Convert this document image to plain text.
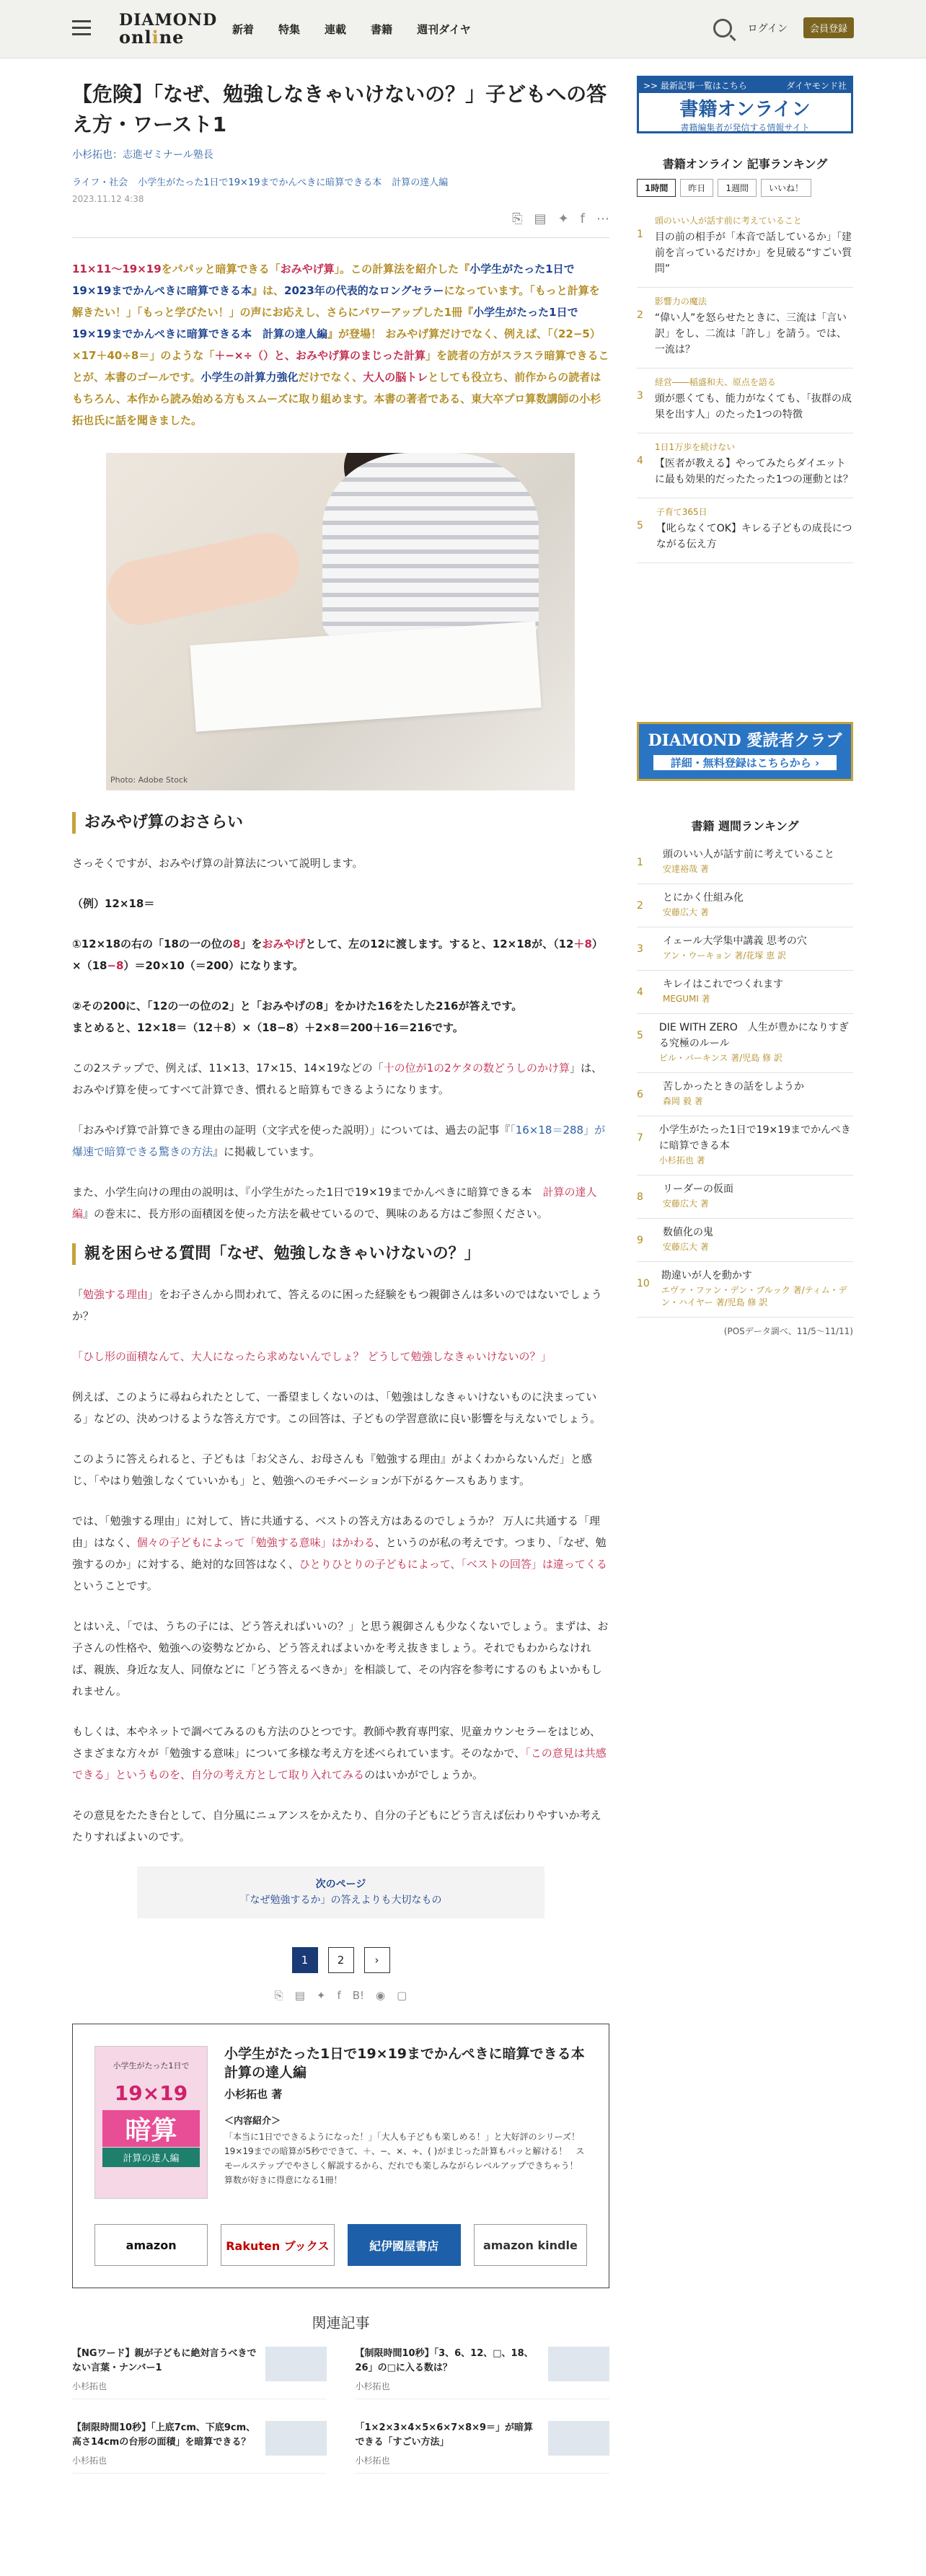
DIAMOND
online	新着 特集 連載 書籍 週刊ダイヤ	ログイン	会員登録
【危険】「なぜ、勉強しなきゃいけないの？」子どもへの答え方・ワースト1
小杉拓也：志進ゼミナール塾長
ライフ・社会 小学生がたった1日で19×19までかんぺきに暗算できる本 計算の達人編
2023.11.12 4:38
⎘ ▤ ✦ f ⋯

11×11〜19×19をパパッと暗算できる「おみやげ算」。この計算法を紹介した『小学生がたった1日で19×19までかんぺきに暗算できる本』は、2023年の代表的なロングセラーになっています。「もっと計算を解きたい！」「もっと学びたい！」の声にお応えし、さらにパワーアップした1冊『小学生がたった1日で19×19までかんぺきに暗算できる本　計算の達人編』が登場！ おみやげ算だけでなく、例えば、「（22−5）×17＋40÷8＝」のような「＋−×÷（）と、おみやげ算のまじった計算」を読者の方がスラスラ暗算できることが、本書のゴールです。小学生の計算力強化だけでなく、大人の脳トレとしても役立ち、前作からの読者はもちろん、本作から読み始める方もスムーズに取り組めます。本書の著者である、東大卒プロ算数講師の小杉拓也氏に話を聞きました。

Photo: Adobe Stock
おみやげ算のおさらい

さっそくですが、おみやげ算の計算法について説明します。

（例）12×18＝

①12×18の右の「18の一の位の8」をおみやげとして、左の12に渡します。すると、12×18が、（12＋8）×（18−8）＝20×10（＝200）になります。

②その200に、「12の一の位の2」と「おみやげの8」をかけた16をたした216が答えです。
まとめると、12×18＝（12＋8）×（18−8）＋2×8＝200＋16＝216です。

この2ステップで、例えば、11×13、17×15、14×19などの「十の位が1の2ケタの数どうしのかけ算」は、おみやげ算を使ってすべて計算でき、慣れると暗算もできるようになります。

「おみやげ算で計算できる理由の証明（文字式を使った説明）」については、過去の記事『「16×18＝288」が爆速で暗算できる驚きの方法』に掲載しています。

また、小学生向けの理由の説明は、『小学生がたった1日で19×19までかんぺきに暗算できる本　計算の達人編』の巻末に、長方形の面積図を使った方法を載せているので、興味のある方はご参照ください。

親を困らせる質問「なぜ、勉強しなきゃいけないの？」

「勉強する理由」をお子さんから問われて、答えるのに困った経験をもつ親御さんは多いのではないでしょうか？

「ひし形の面積なんて、大人になったら求めないんでしょ？ どうして勉強しなきゃいけないの？」

例えば、このように尋ねられたとして、一番望ましくないのは、「勉強はしなきゃいけないものに決まっている」などの、決めつけるような答え方です。この回答は、子どもの学習意欲に良い影響を与えないでしょう。

このように答えられると、子どもは「お父さん、お母さんも『勉強する理由』がよくわからないんだ」と感じ、「やはり勉強しなくていいかも」と、勉強へのモチベーションが下がるケースもあります。

では、「勉強する理由」に対して、皆に共通する、ベストの答え方はあるのでしょうか？ 万人に共通する「理由」はなく、個々の子どもによって「勉強する意味」はかわる、というのが私の考えです。つまり、「なぜ、勉強するのか」に対する、絶対的な回答はなく、ひとりひとりの子どもによって、「ベストの回答」は違ってくるということです。

とはいえ、「では、うちの子には、どう答えればいいの？」と思う親御さんも少なくないでしょう。まずは、お子さんの性格や、勉強への姿勢などから、どう答えればよいかを考え抜きましょう。それでもわからなければ、親族、身近な友人、同僚などに「どう答えるべきか」を相談して、その内容を参考にするのもよいかもしれません。

もしくは、本やネットで調べてみるのも方法のひとつです。教師や教育専門家、児童カウンセラーをはじめ、さまざまな方々が「勉強する意味」について多様な考え方を述べられています。そのなかで、「この意見は共感できる」というものを、自分の考え方として取り入れてみるのはいかがでしょうか。

その意見をたたき台として、自分風にニュアンスをかえたり、自分の子どもにどう言えば伝わりやすいか考えたりすればよいのです。

次のページ
「なぜ勉強するか」の答えよりも大切なもの
1	2	›
⎘ ▤ ✦ f B! ◉ ▢
小学生がたった1日で
19×19
暗算
計算の達人編
小学生がたった1日で19×19までかんぺきに暗算できる本　計算の達人編
小杉拓也 著
＜内容紹介＞
「本当に1日でできるようになった！」「大人も子どもも楽しめる！」と大好評のシリーズ！　19×19までの暗算が5秒でできて、＋、−、×、÷、( )がまじった計算もパッと解ける！　スモールステップでやさしく解説するから、だれでも楽しみながらレベルアップできちゃう！　算数が好きに得意になる1冊！
amazon	Rakuten ブックス	紀伊國屋書店	amazon kindle
関連記事
【NGワード】親が子どもに絶対言うべきでない言葉・ナンバー1
小杉拓也
【制限時間10秒】「3、6、12、□、18、26」の□に入る数は？
小杉拓也
【制限時間10秒】「上底7cm、下底9cm、高さ14cmの台形の面積」を暗算できる？
小杉拓也
「1×2×3×4×5×6×7×8×9＝」が暗算できる「すごい方法」
小杉拓也
>> 最新記事一覧はこちら	ダイヤモンド社
書籍オンライン
書籍編集者が発信する情報サイト
書籍オンライン 記事ランキング
1時間	昨日	1週間	いいね！
1
頭のいい人が話す前に考えていること
目の前の相手が「本音で話しているか」「建前を言っているだけか」を見破る“すごい質問”
2
影響力の魔法
“偉い人”を怒らせたときに、三流は「言い訳」をし、二流は「許し」を請う。では、一流は？
3
経営――稲盛和夫、原点を語る
頭が悪くても、能力がなくても、「抜群の成果を出す人」のたった1つの特徴
4
1日1万歩を続けない
【医者が教える】やってみたらダイエットに最も効果的だったたった1つの運動とは？
5
子育て365日
【叱らなくてOK】キレる子どもの成長につながる伝え方
DIAMOND 愛読者クラブ
詳細・無料登録はこちらから ›
書籍 週間ランキング
1
頭のいい人が話す前に考えていること
安達裕哉 著
2
とにかく仕組み化
安藤広大 著
3
イェール大学集中講義 思考の穴
アン・ウーキョン 著/花塚 恵 訳
4
キレイはこれでつくれます
MEGUMI 著
5
DIE WITH ZERO　人生が豊かになりすぎる究極のルール
ビル・パーキンス 著/児島 修 訳
6
苦しかったときの話をしようか
森岡 毅 著
7
小学生がたった1日で19×19までかんぺきに暗算できる本
小杉拓也 著
8
リーダーの仮面
安藤広大 著
9
数値化の鬼
安藤広大 著
10
勘違いが人を動かす
エヴァ・ファン・デン・ブルック 著/ティム・デン・ハイヤー 著/児島 修 訳
(POSデータ調べ、11/5〜11/11)
